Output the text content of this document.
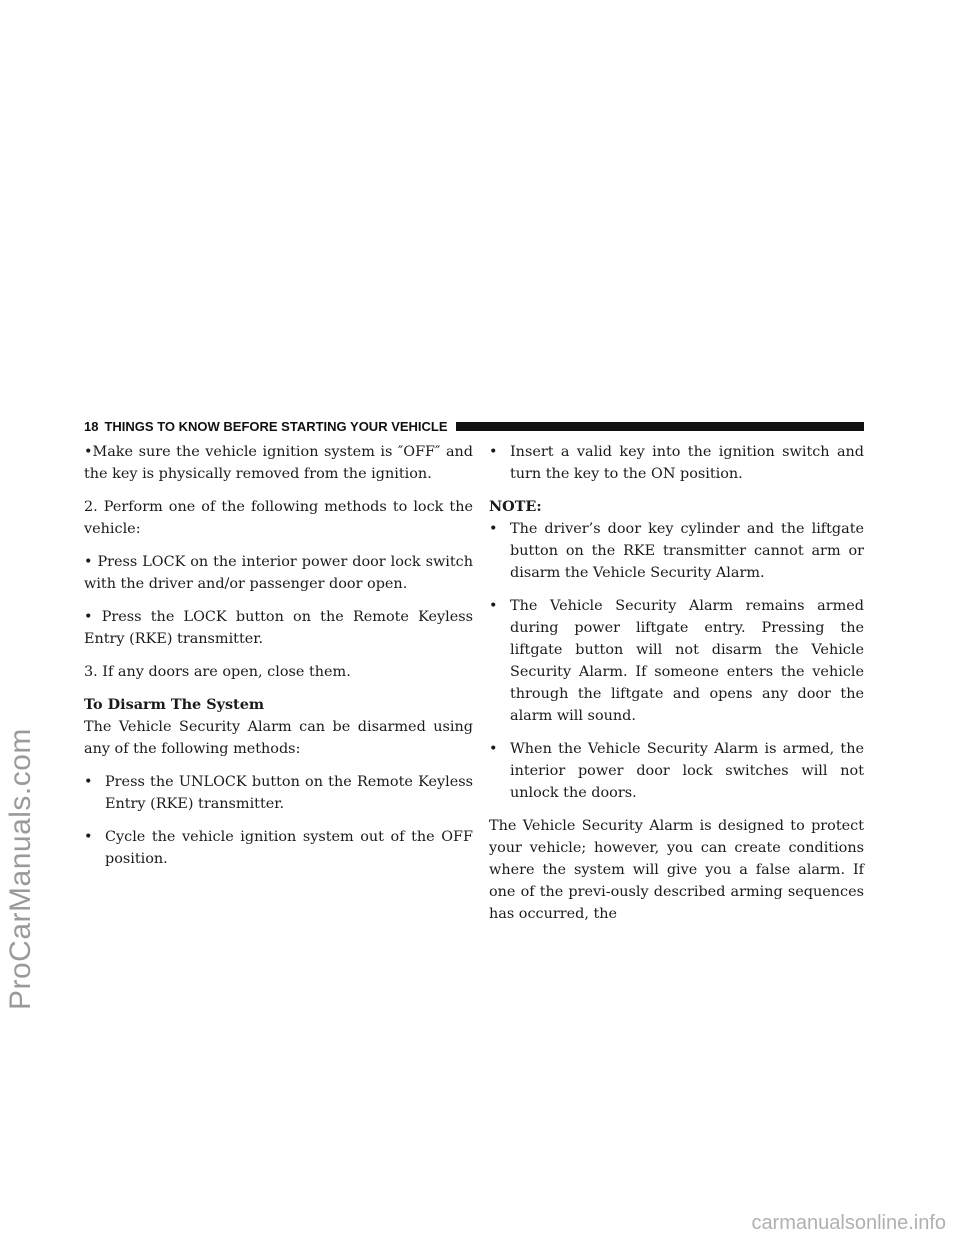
ProCarManuals.com
carmanualsonline.info
18 THINGS TO KNOW BEFORE STARTING YOUR VEHICLE

•Make sure the vehicle ignition system is ″OFF″ and the key is physically removed from the ignition.

2. Perform one of the following methods to lock the vehicle:

• Press LOCK on the interior power door lock switch with the driver and/or passenger door open.

• Press the LOCK button on the Remote Keyless Entry (RKE) transmitter.

3. If any doors are open, close them.

To Disarm The System

The Vehicle Security Alarm can be disarmed using any of the following methods:

• Press the UNLOCK button on the Remote Keyless Entry (RKE) transmitter.
• Cycle the vehicle ignition system out of the OFF position.
• Insert a valid key into the ignition switch and turn the key to the ON position.

NOTE:

• The driver’s door key cylinder and the liftgate button on the RKE transmitter cannot arm or disarm the Vehicle Security Alarm.
• The Vehicle Security Alarm remains armed during power liftgate entry. Pressing the liftgate button will not disarm the Vehicle Security Alarm. If someone enters the vehicle through the liftgate and opens any door the alarm will sound.
• When the Vehicle Security Alarm is armed, the interior power door lock switches will not unlock the doors.

The Vehicle Security Alarm is designed to protect your vehicle; however, you can create conditions where the system will give you a false alarm. If one of the previ-ously described arming sequences has occurred, the
